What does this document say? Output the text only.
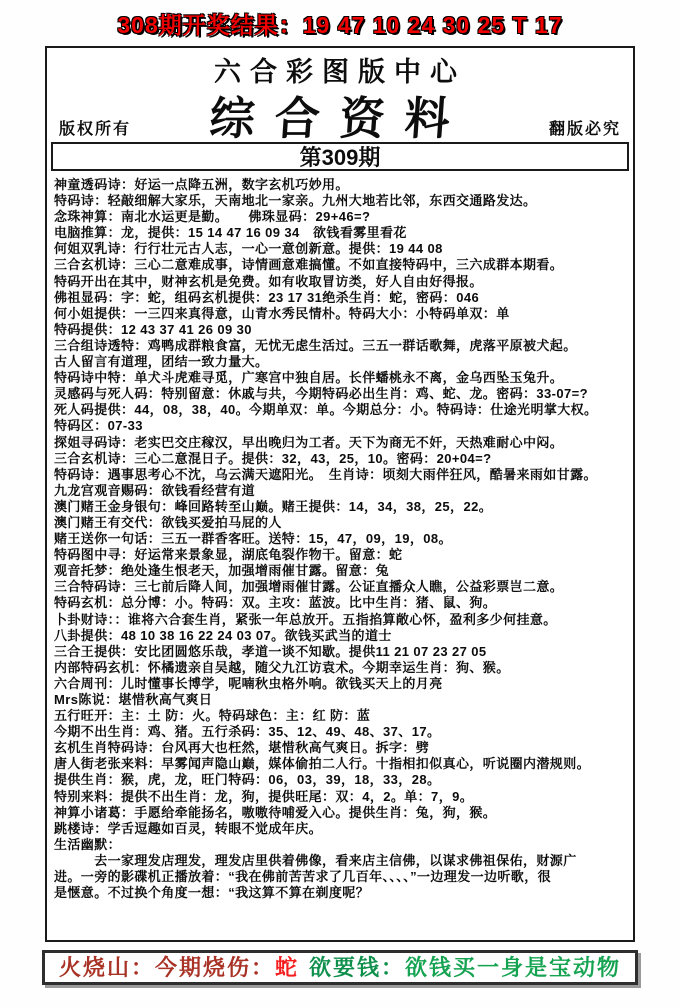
308期开奖结果：19 47 10 24 30 25 T 17
六合彩图版中心
综合资料
版权所有	翻版必究
第309期
神童透码诗：好运一点降五洲，数字玄机巧妙用。
特码诗：轻敲细解大家乐，天南地北一家亲。九州大地若比邻，东西交通路发达。
念珠神算：南北水运更是勤。　　佛珠显码：29+46=?
电脑推算：龙，提供：15 14 47 16 09 34　欲钱看雾里看花
何姐双乳诗：行行壮元古人志，一心一意创新意。提供：19 44 08
三合玄机诗：三心二意难成事，诗情画意难搞懂。不如直接特码中，三六成群本期看。
特码开出在其中，财神玄机是免费。如有收取冒访类，好人自由好得报。
佛祖显码：字：蛇，组码玄机提供：23 17 31绝杀生肖：蛇，密码：046
何小姐提供：一三四来真得意，山青水秀民情朴。特码大小：小特码单双：单
特码提供：12 43 37 41 26 09 30
三合组诗透特：鸡鸭成群粮食富，无忧无虑生活过。三五一群话歌舞，虎落平原被犬起。
古人留言有道理，团结一致力量大。
特码诗中特：单犬斗虎难寻觅，广寒宫中独自居。长伴蟠桃永不离，金乌西坠玉兔升。
灵感码与死人码：特别留意：休戚与共，今期特码必出生肖：鸡、蛇、龙。密码：33-07=?
死人码提供：44，08，38，40。今期单双：单。今期总分：小。特码诗：仕途光明掌大权。
特码区：07-33
探姐寻码诗：老实巴交庄稼汉，早出晚归为工者。天下为商无不奸，天热难耐心中闷。
三合玄机诗：三心二意混日子。提供：32，43，25，10。密码：20+04=?
特码诗：遇事思考心不沈，乌云满天遮阳光。　生肖诗：顷刻大雨伴狂风，酷暑来雨如甘露。
九龙宫观音赐码：欲钱看经营有道
澳门赌王金身银句：峰回路转至山巅。赌王提供：14，34，38，25，22。
澳门赌王有交代：欲钱买爱拍马屁的人
赌王送你一句话：三五一群香客旺。送特：15，47，09，19，08。
特码图中寻：好运常来景象显，湖底龟裂作物干。留意：蛇
观音托梦：绝处逢生恨老天，加强增雨催甘露。留意：兔
三合特码诗：三七前后降人间，加强增雨催甘露。公证直播众人瞧，公益彩票岂二意。
特码玄机：总分博：小。特码：双。主攻：蓝波。比中生肖：猪、鼠、狗。
卜卦财诗：：谁将六合套生肖，紧张一年总放开。五指掐算敞心怀，盈利多少何挂意。
八卦提供：48 10 38 16 22 24 03 07。欲钱买武当的道士
三合王提供：安比团圆悠乐哉，孝道一谈不知歇。提供11 21 07 23 27 05
内部特码玄机：怀橘遗亲自吴越，随父九江访袁术。今期幸运生肖：狗、猴。
六合周刊：儿时懂事长博学，呢喃秋虫格外响。欲钱买天上的月亮
Mrs陈说：堪惜秋高气爽日
五行旺开：主：土 防：火。特码球色：主：红 防：蓝
今期不出生肖：鸡、猪。五行杀码：35、12、49、48、37、17。
玄机生肖特码诗：台风再大也枉然，堪惜秋高气爽日。拆字：劈
唐人街老张来料：早雾闻声隐山巅，媒体偷拍二人行。十指相扣似真心，听说圈内潜规则。
提供生肖：猴，虎，龙，旺门特码：06，03，39，18，33，28。
特别来料：提供不出生肖：龙，狗，提供旺尾：双：4，2。单：7，9。
神算小诸葛：手愿给牵能扬名，嗷嗷待哺爱入心。提供生肖：兔，狗，猴。
跳楼诗：学舌逗趣如百灵，转眼不觉成年庆。
生活幽默：
　　　去一家理发店理发，理发店里供着佛像，看来店主信佛，以谋求佛祖保佑，财源广
进。一旁的影碟机正播放着：“我在佛前苦苦求了几百年、、、、”一边理发一边听歌，很
是惬意。不过换个角度一想：“我这算不算在剃度呢？
火烧山：今期烧伤：蛇 欲要钱：欲钱买一身是宝动物
